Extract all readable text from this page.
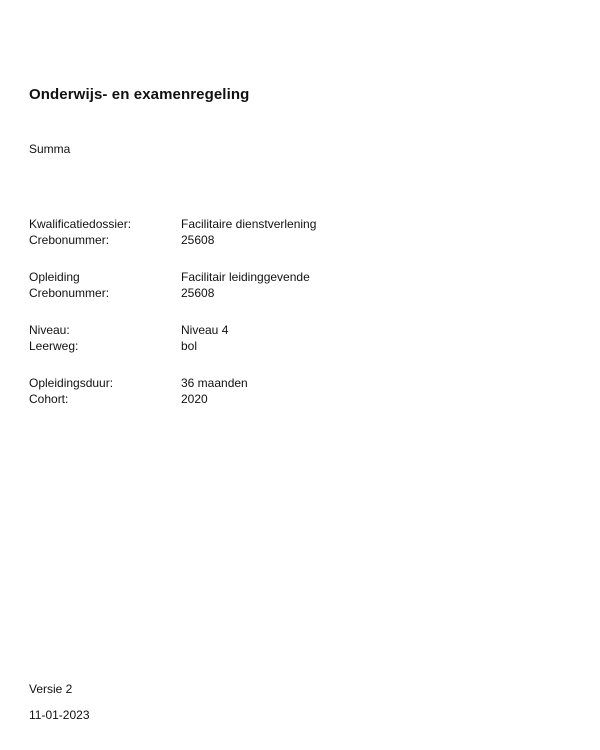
Onderwijs- en examenregeling
Summa
Kwalificatiedossier:	Facilitaire dienstverlening
Crebonummer:	25608
Opleiding	Facilitair leidinggevende
Crebonummer:	25608
Niveau:	Niveau 4
Leerweg:	bol
Opleidingsduur:	36 maanden
Cohort:	2020
Versie 2
11-01-2023
